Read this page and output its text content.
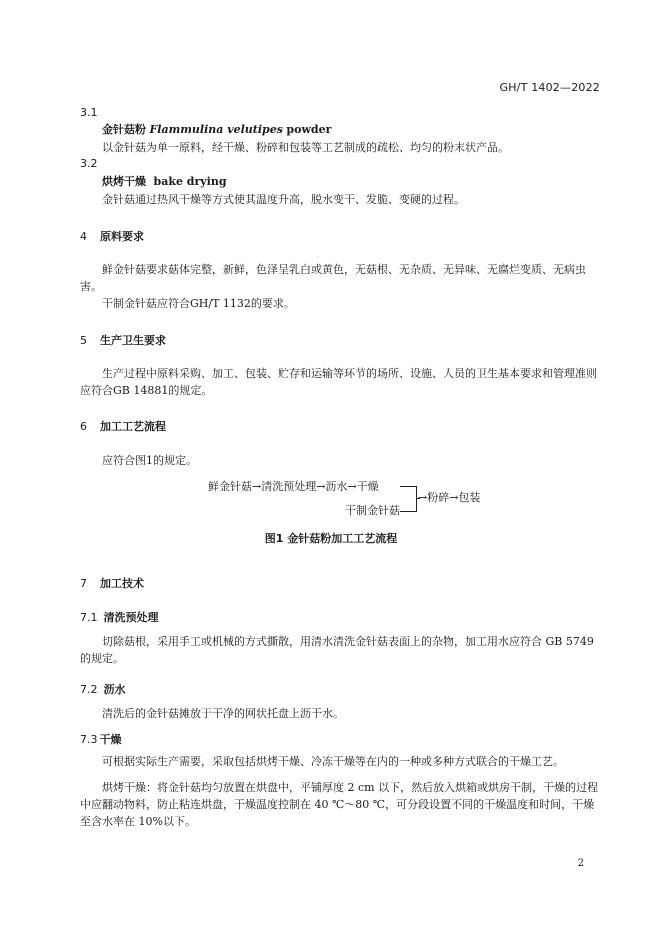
GH/T 1402—2022
3.1
金针菇粉 Flammulina velutipes powder
以金针菇为单一原料，经干燥、粉碎和包装等工艺制成的疏松、均匀的粉末状产品。
3.2
烘烤干燥 bake drying
金针菇通过热风干燥等方式使其温度升高，脱水变干、发脆、变硬的过程。
4 原料要求
鲜金针菇要求菇体完整，新鲜，色泽呈乳白或黄色，无菇根、无杂质、无异味、无腐烂变质、无病虫害。
干制金针菇应符合GH/T 1132的要求。
5 生产卫生要求
生产过程中原料采购、加工、包装、贮存和运输等环节的场所、设施、人员的卫生基本要求和管理准则应符合GB 14881的规定。
6 加工工艺流程
应符合图1的规定。
鲜金针菇→清洗预处理→沥水→干燥
干制金针菇
→粉碎→包装
图1 金针菇粉加工工艺流程
7 加工技术
7.1 清洗预处理
切除菇根，采用手工或机械的方式撕散，用清水清洗金针菇表面上的杂物，加工用水应符合 GB 5749 的规定。
7.2 沥水
清洗后的金针菇摊放于干净的网状托盘上沥干水。
7.3 干燥
可根据实际生产需要，采取包括烘烤干燥、冷冻干燥等在内的一种或多种方式联合的干燥工艺。
烘烤干燥：将金针菇均匀放置在烘盘中，平铺厚度 2 cm 以下，然后放入烘箱或烘房干制，干燥的过程中应翻动物料，防止粘连烘盘，干燥温度控制在 40 ℃～80 ℃，可分段设置不同的干燥温度和时间，干燥至含水率在 10%以下。
2
